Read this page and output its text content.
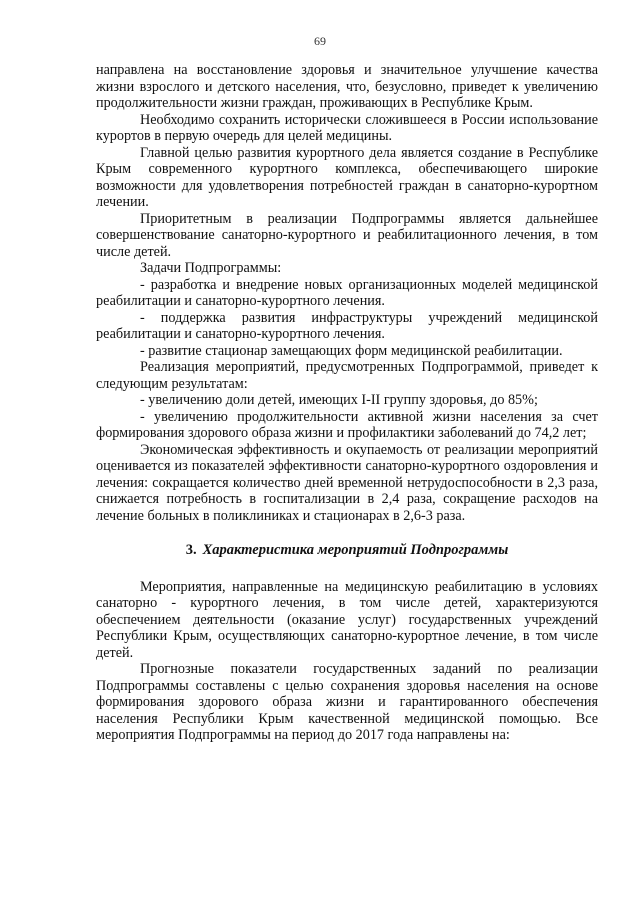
69

направлена на восстановление здоровья и значительное улучшение качества жизни взрослого и детского населения, что, безусловно, приведет к увеличению продолжительности жизни граждан, проживающих в Республике Крым.

Необходимо сохранить исторически сложившееся в России использование курортов в первую очередь для целей медицины.

Главной целью развития курортного дела является создание в Республике Крым современного курортного комплекса, обеспечивающего широкие возможности для удовлетворения потребностей граждан в санаторно-курортном лечении.

Приоритетным в реализации Подпрограммы является дальнейшее совершенствование санаторно-курортного и реабилитационного лечения, в том числе детей.

Задачи Подпрограммы:

- разработка и внедрение новых организационных моделей медицинской реабилитации и санаторно-курортного лечения.

- поддержка развития инфраструктуры учреждений медицинской реабилитации и санаторно-курортного лечения.

- развитие стационар замещающих форм медицинской реабилитации.

Реализация мероприятий, предусмотренных Подпрограммой, приведет к следующим результатам:

- увеличению доли детей, имеющих I-II группу здоровья, до 85%;

- увеличению продолжительности активной жизни населения за счет формирования здорового образа жизни и профилактики заболеваний до 74,2 лет;

Экономическая эффективность и окупаемость от реализации мероприятий оценивается из показателей эффективности санаторно-курортного оздоровления и лечения: сокращается количество дней временной нетрудоспособности в 2,3 раза, снижается потребность в госпитализации в 2,4 раза, сокращение расходов на лечение больных в поликлиниках и стационарах в 2,6-3 раза.

3. Характеристика мероприятий Подпрограммы

Мероприятия, направленные на медицинскую реабилитацию в условиях санаторно - курортного лечения, в том числе детей, характеризуются обеспечением деятельности (оказание услуг) государственных учреждений Республики Крым, осуществляющих санаторно-курортное лечение, в том числе детей.

Прогнозные показатели государственных заданий по реализации Подпрограммы составлены с целью сохранения здоровья населения на основе формирования здорового образа жизни и гарантированного обеспечения населения Республики Крым качественной медицинской помощью. Все мероприятия Подпрограммы на период до 2017 года направлены на:
